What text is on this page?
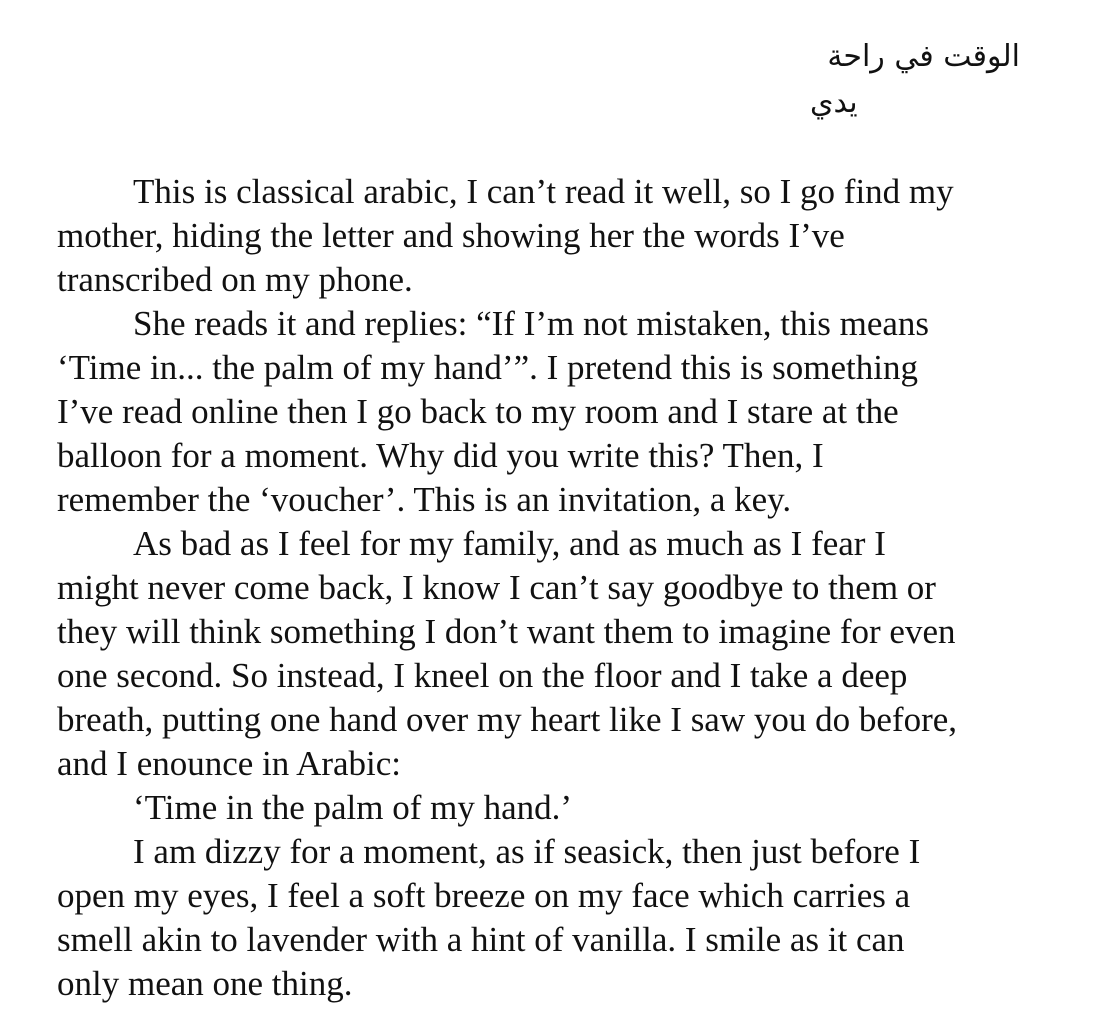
الوقت في راحة
يدي

This is classical arabic, I can’t read it well, so I go find my
mother, hiding the letter and showing her the words I’ve
transcribed on my phone.

She reads it and replies: “If I’m not mistaken, this means
‘Time in... the palm of my hand’”. I pretend this is something
I’ve read online then I go back to my room and I stare at the
balloon for a moment. Why did you write this? Then, I
remember the ‘voucher’. This is an invitation, a key.

As bad as I feel for my family, and as much as I fear I
might never come back, I know I can’t say goodbye to them or
they will think something I don’t want them to imagine for even
one second. So instead, I kneel on the floor and I take a deep
breath, putting one hand over my heart like I saw you do before,
and I enounce in Arabic:

‘Time in the palm of my hand.’

I am dizzy for a moment, as if seasick, then just before I
open my eyes, I feel a soft breeze on my face which carries a
smell akin to lavender with a hint of vanilla. I smile as it can
only mean one thing.
